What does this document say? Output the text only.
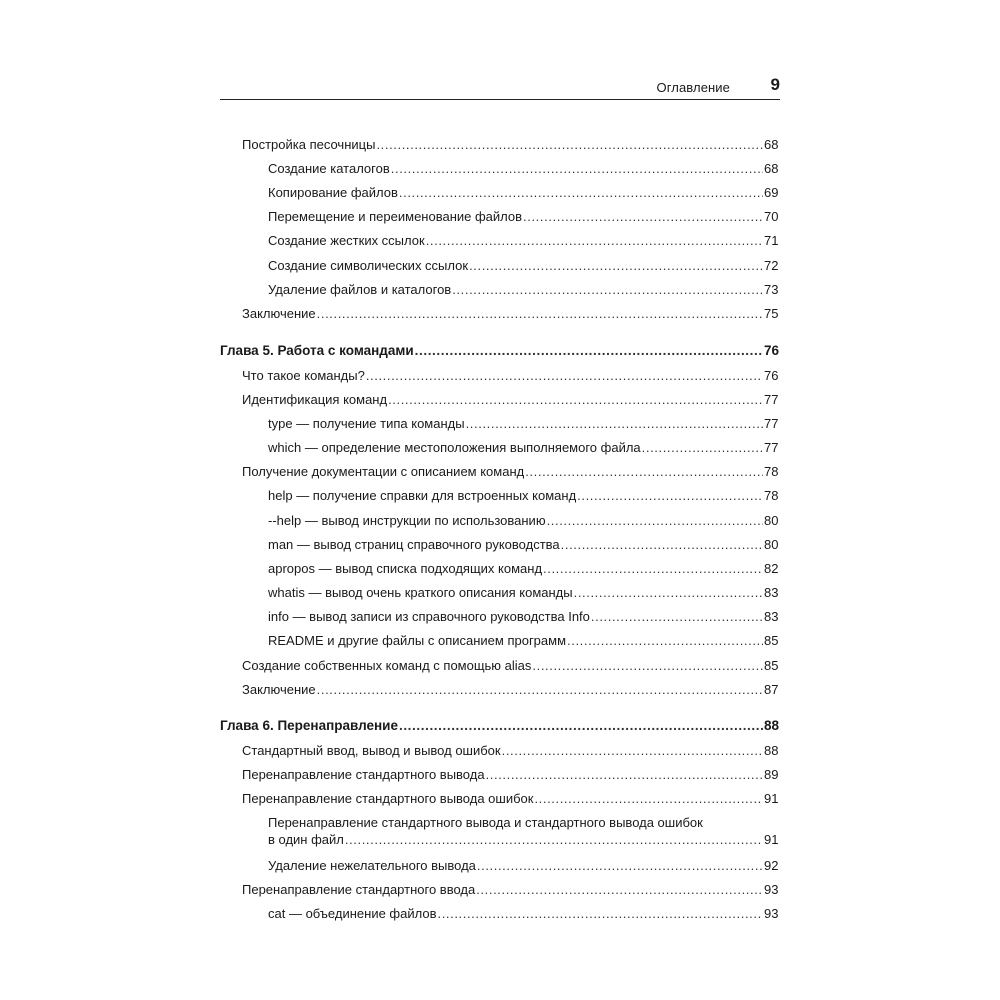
Оглавление 9
Постройка песочницы .....	68
Создание каталогов .....	68
Копирование файлов .....	69
Перемещение и переименование файлов .....	70
Создание жестких ссылок .....	71
Создание символических ссылок .....	72
Удаление файлов и каталогов .....	73
Заключение .....	75
Глава 5. Работа с командами .....	76
Что такое команды? .....	76
Идентификация команд .....	77
type — получение типа команды .....	77
which — определение местоположения выполняемого файла .....	77
Получение документации с описанием команд .....	78
help — получение справки для встроенных команд .....	78
--help — вывод инструкции по использованию .....	80
man — вывод страниц справочного руководства .....	80
apropos — вывод списка подходящих команд .....	82
whatis — вывод очень краткого описания команды .....	83
info — вывод записи из справочного руководства Info .....	83
README и другие файлы с описанием программ .....	85
Создание собственных команд с помощью alias .....	85
Заключение .....	87
Глава 6. Перенаправление .....	88
Стандартный ввод, вывод и вывод ошибок .....	88
Перенаправление стандартного вывода .....	89
Перенаправление стандартного вывода ошибок .....	91
Перенаправление стандартного вывода и стандартного вывода ошибок
в один файл .....	91
Удаление нежелательного вывода .....	92
Перенаправление стандартного ввода .....	93
cat — объединение файлов .....	93
